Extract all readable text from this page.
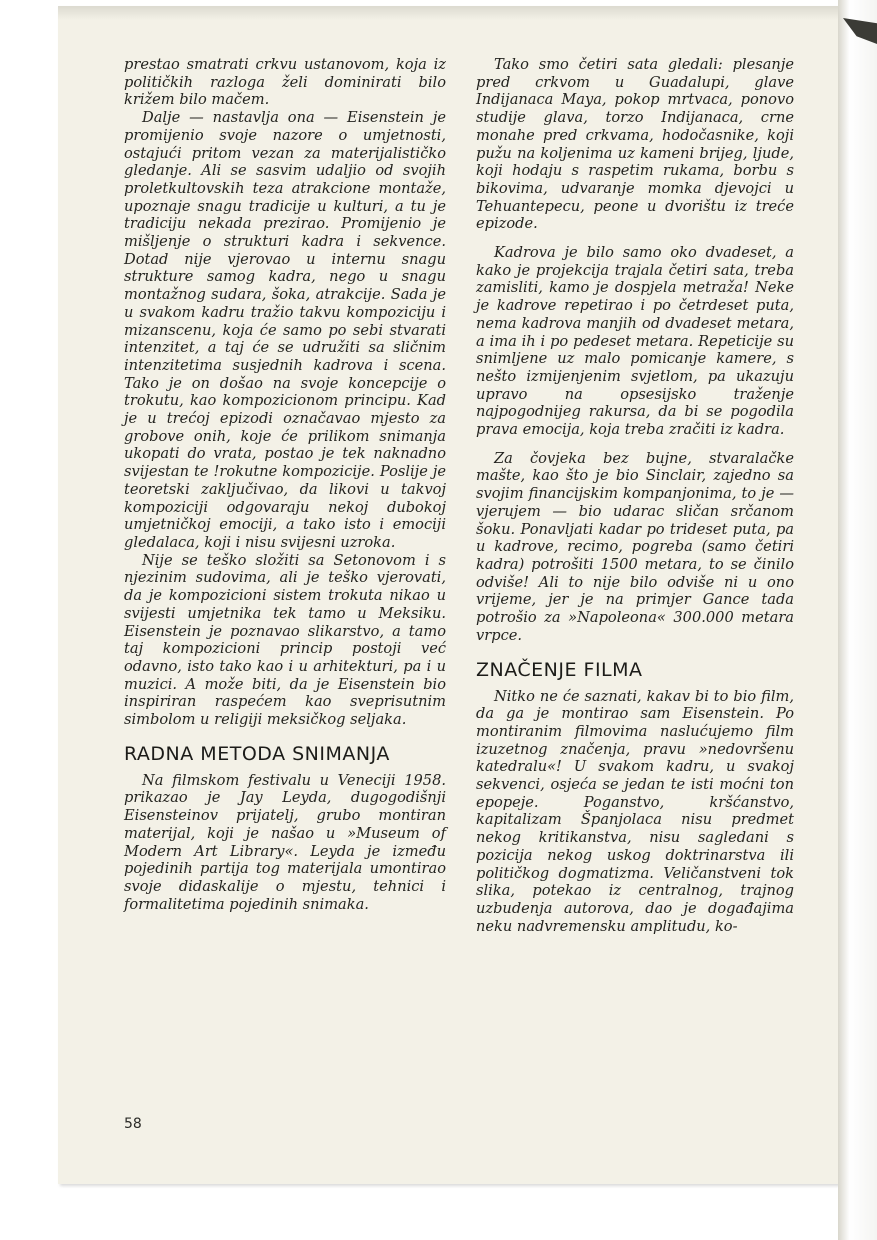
prestao smatrati crkvu ustanovom, koja iz političkih razloga želi dominirati bilo križem bilo mačem.

Dalje — nastavlja ona — Eisenstein je promijenio svoje nazore o umjetnosti, ostajući pritom vezan za materijalističko gledanje. Ali se sasvim udaljio od svojih proletkultovskih teza atrakcione montaže, upoznaje snagu tradicije u kulturi, a tu je tradiciju nekada prezirao. Promijenio je mišljenje o strukturi kadra i sekvence. Dotad nije vjerovao u internu snagu strukture samog kadra, nego u snagu montažnog sudara, šoka, atrakcije. Sada je u svakom kadru tražio takvu kompoziciju i mizanscenu, koja će samo po sebi stvarati intenzitet, a taj će se udružiti sa sličnim intenzitetima susjednih kadrova i scena. Tako je on došao na svoje koncepcije o trokutu, kao kompozicionom principu. Kad je u trećoj epizodi označavao mjesto za grobove onih, koje će prilikom snimanja ukopati do vrata, postao je tek naknadno svijestan te !rokutne kompozicije. Poslije je teoretski zaključivao, da likovi u takvoj kompoziciji odgovaraju nekoj dubokoj umjetničkoj emociji, a tako isto i emociji gledalaca, koji i nisu svijesni uzroka.

Nije se teško složiti sa Setonovom i s njezinim sudovima, ali je teško vjerovati, da je kompozicioni sistem trokuta nikao u svijesti umjetnika tek tamo u Meksiku. Eisenstein je poznavao slikarstvo, a tamo taj kompozicioni princip postoji već odavno, isto tako kao i u arhitekturi, pa i u muzici. A može biti, da je Eisenstein bio inspiriran raspećem kao sveprisutnim simbolom u religiji meksičkog seljaka.

RADNA METODA SNIMANJA

Na filmskom festivalu u Veneciji 1958. prikazao je Jay Leyda, dugogodišnji Eisensteinov prijatelj, grubo montiran materijal, koji je našao u »Museum of Modern Art Library«. Leyda je između pojedinih partija tog materijala umontirao svoje didaskalije o mjestu, tehnici i formalitetima pojedinih snimaka.

Tako smo četiri sata gledali: plesanje pred crkvom u Guadalupi, glave Indijanaca Maya, pokop mrtvaca, ponovo studije glava, torzo Indijanaca, crne monahe pred crkvama, hodočasnike, koji pužu na koljenima uz kameni brijeg, ljude, koji hodaju s raspetim rukama, borbu s bikovima, udvaranje momka djevojci u Tehuantepecu, peone u dvorištu iz treće epizode.

Kadrova je bilo samo oko dvadeset, a kako je projekcija trajala četiri sata, treba zamisliti, kamo je dospjela metraža! Neke je kadrove repetirao i po četrdeset puta, nema kadrova manjih od dvadeset metara, a ima ih i po pedeset metara. Repeticije su snimljene uz malo pomicanje kamere, s nešto izmijenjenim svjetlom, pa ukazuju upravo na opsesijsko traženje najpogodnijeg rakursa, da bi se pogodila prava emocija, koja treba zračiti iz kadra.

Za čovjeka bez bujne, stvaralačke mašte, kao što je bio Sinclair, zajedno sa svojim financijskim kompanjonima, to je — vjerujem — bio udarac sličan srčanom šoku. Ponavljati kadar po trideset puta, pa u kadrove, recimo, pogreba (samo četiri kadra) potrošiti 1500 metara, to se činilo odviše! Ali to nije bilo odviše ni u ono vrijeme, jer je na primjer Gance tada potrošio za »Napoleona« 300.000 metara vrpce.

ZNAČENJE FILMA

Nitko ne će saznati, kakav bi to bio film, da ga je montirao sam Eisenstein. Po montiranim filmovima naslućujemo film izuzetnog značenja, pravu »nedovršenu katedralu«! U svakom kadru, u svakoj sekvenci, osjeća se jedan te isti moćni ton epopeje. Poganstvo, kršćanstvo, kapitalizam Španjolaca nisu predmet nekog kritikanstva, nisu sagledani s pozicija nekog uskog doktrinarstva ili političkog dogmatizma. Veličanstveni tok slika, potekao iz centralnog, trajnog uzbudenja autorova, dao je događajima neku nadvremensku amplitudu, ko-

58
